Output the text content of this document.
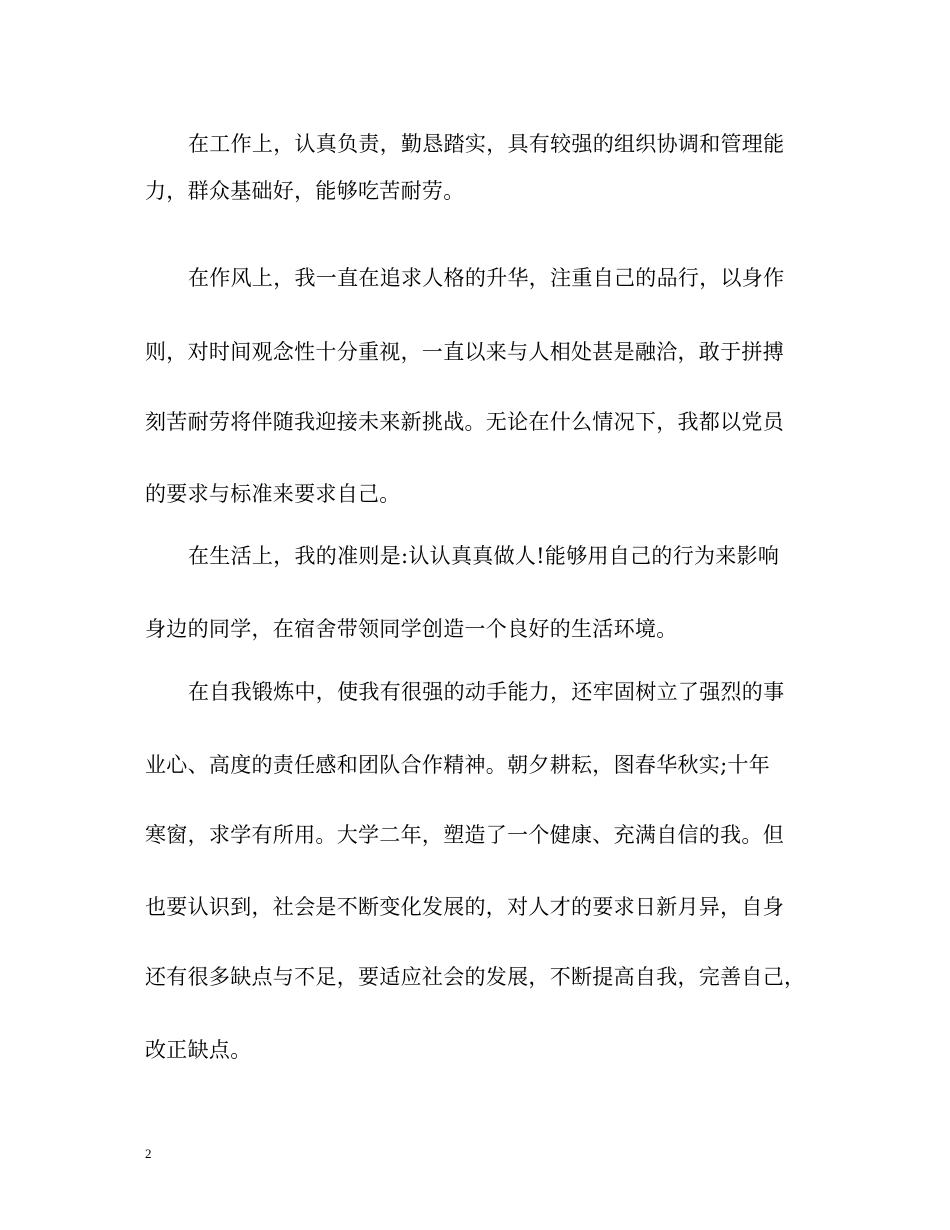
在工作上，认真负责，勤恳踏实，具有较强的组织协调和管理能
力，群众基础好，能够吃苦耐劳。
在作风上，我一直在追求人格的升华，注重自己的品行，以身作
则，对时间观念性十分重视，一直以来与人相处甚是融洽，敢于拼搏
刻苦耐劳将伴随我迎接未来新挑战。无论在什么情况下，我都以党员
的要求与标准来要求自己。
在生活上，我的准则是:认认真真做人!能够用自己的行为来影响
身边的同学，在宿舍带领同学创造一个良好的生活环境。
在自我锻炼中，使我有很强的动手能力，还牢固树立了强烈的事
业心、高度的责任感和团队合作精神。朝夕耕耘，图春华秋实;十年
寒窗，求学有所用。大学二年，塑造了一个健康、充满自信的我。但
也要认识到，社会是不断变化发展的，对人才的要求日新月异，自身
还有很多缺点与不足，要适应社会的发展，不断提高自我，完善自己，
改正缺点。
2
